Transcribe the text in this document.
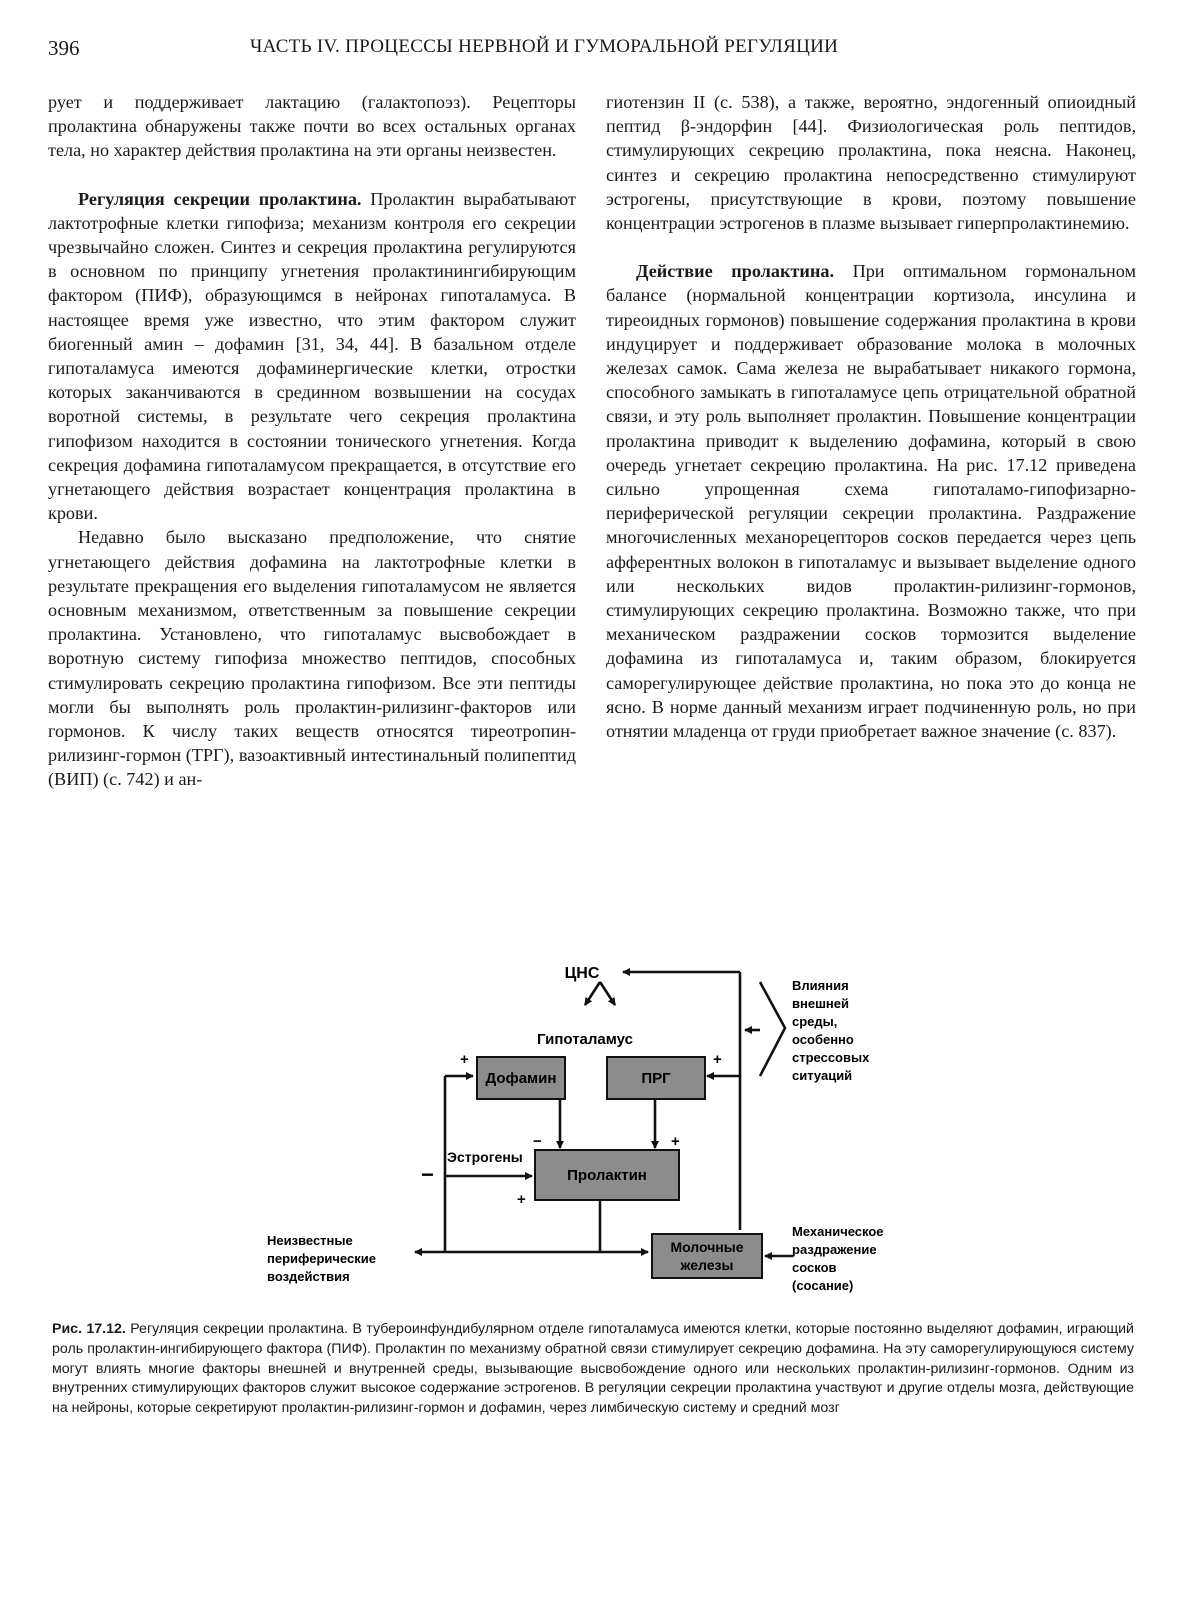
396	ЧАСТЬ IV. ПРОЦЕССЫ НЕРВНОЙ И ГУМОРАЛЬНОЙ РЕГУЛЯЦИИ

рует и поддерживает лактацию (галактопоэз). Рецепторы пролактина обнаружены также почти во всех остальных органах тела, но характер действия пролактина на эти органы неизвестен.

Регуляция секреции пролактина. Пролактин вырабатывают лактотрофные клетки гипофиза; механизм контроля его секреции чрезвычайно сложен. Синтез и секреция пролактина регулируются в основном по принципу угнетения пролактинингибирующим фактором (ПИФ), образующимся в нейронах гипоталамуса. В настоящее время уже известно, что этим фактором служит биогенный амин – дофамин [31, 34, 44]. В базальном отделе гипоталамуса имеются дофаминергические клетки, отростки которых заканчиваются в срединном возвышении на сосудах воротной системы, в результате чего секреция пролактина гипофизом находится в состоянии тонического угнетения. Когда секреция дофамина гипоталамусом прекращается, в отсутствие его угнетающего действия возрастает концентрация пролактина в крови.

Недавно было высказано предположение, что снятие угнетающего действия дофамина на лактотрофные клетки в результате прекращения его выделения гипоталамусом не является основным механизмом, ответственным за повышение секреции пролактина. Установлено, что гипоталамус высвобождает в воротную систему гипофиза множество пептидов, способных стимулировать секрецию пролактина гипофизом. Все эти пептиды могли бы выполнять роль пролактин-рилизинг-факторов или гормонов. К числу таких веществ относятся тиреотропин-рилизинг-гормон (ТРГ), вазоактивный интестинальный полипептид (ВИП) (с. 742) и ан-

гиотензин II (с. 538), а также, вероятно, эндогенный опиоидный пептид β-эндорфин [44]. Физиологическая роль пептидов, стимулирующих секрецию пролактина, пока неясна. Наконец, синтез и секрецию пролактина непосредственно стимулируют эстрогены, присутствующие в крови, поэтому повышение концентрации эстрогенов в плазме вызывает гиперпролактинемию.

Действие пролактина. При оптимальном гормональном балансе (нормальной концентрации кортизола, инсулина и тиреоидных гормонов) повышение содержания пролактина в крови индуцирует и поддерживает образование молока в молочных железах самок. Сама железа не вырабатывает никакого гормона, способного замыкать в гипоталамусе цепь отрицательной обратной связи, и эту роль выполняет пролактин. Повышение концентрации пролактина приводит к выделению дофамина, который в свою очередь угнетает секрецию пролактина. На рис. 17.12 приведена сильно упрощенная схема гипоталамо-гипофизарно-периферической регуляции секреции пролактина. Раздражение многочисленных механорецепторов сосков передается через цепь афферентных волокон в гипоталамус и вызывает выделение одного или нескольких видов пролактин-рилизинг-гормонов, стимулирующих секрецию пролактина. Возможно также, что при механическом раздражении сосков тормозится выделение дофамина из гипоталамуса и, таким образом, блокируется саморегулирующее действие пролактина, но пока это до конца не ясно. В норме данный механизм играет подчиненную роль, но при отнятии младенца от груди приобретает важное значение (с. 837).

Дофамин	ПРГ
Пролактин
Молочные
железы
ЦНС
Гипоталамус
Эстрогены
Влияния
внешней
среды,
особенно
стрессовых
ситуаций
Неизвестные
периферические
воздействия
Механическое
раздражение
сосков
(сосание)
+	+
−	+
+
−
Рис. 17.12. Регуляция секреции пролактина. В тубероинфундибулярном отделе гипоталамуса имеются клетки, которые постоянно выделяют дофамин, играющий роль пролактин-ингибирующего фактора (ПИФ). Пролактин по механизму обратной связи стимулирует секрецию дофамина. На эту саморегулирующуюся систему могут влиять многие факторы внешней и внутренней среды, вызывающие высвобождение одного или нескольких пролактин-рилизинг-гормонов. Одним из внутренних стимулирующих факторов служит высокое содержание эстрогенов. В регуляции секреции пролактина участвуют и другие отделы мозга, действующие на нейроны, которые секретируют пролактин-рилизинг-гормон и дофамин, через лимбическую систему и средний мозг
